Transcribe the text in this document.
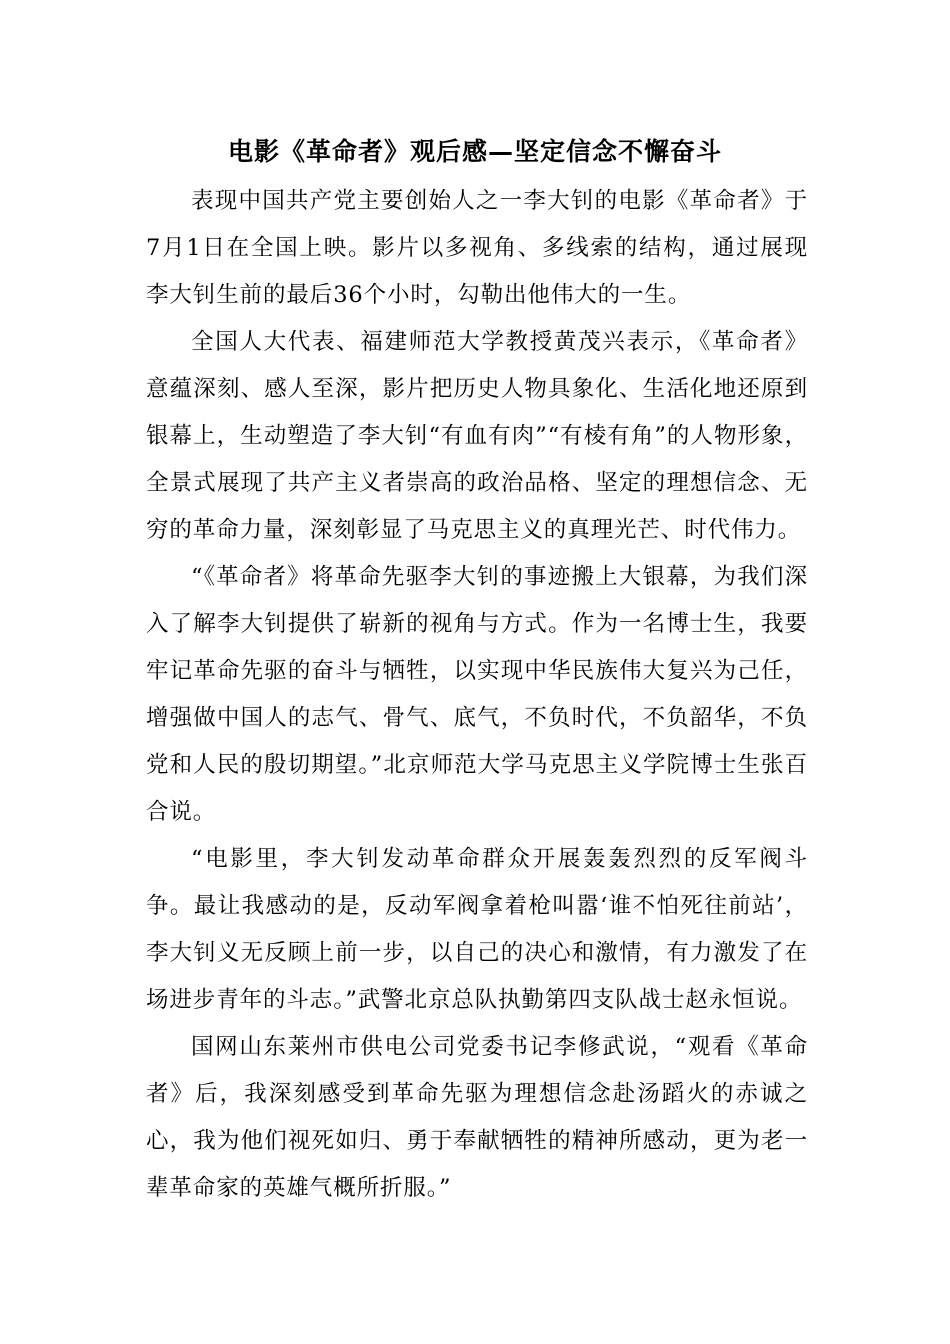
电影《革命者》观后感—坚定信念不懈奋斗

表现中国共产党主要创始人之一李大钊的电影《革命者》于7月1日在全国上映。影片以多视角、多线索的结构，通过展现李大钊生前的最后36个小时，勾勒出他伟大的一生。

全国人大代表、福建师范大学教授黄茂兴表示，《革命者》意蕴深刻、感人至深，影片把历史人物具象化、生活化地还原到银幕上，生动塑造了李大钊“有血有肉”“有棱有角”的人物形象，全景式展现了共产主义者崇高的政治品格、坚定的理想信念、无穷的革命力量，深刻彰显了马克思主义的真理光芒、时代伟力。

“《革命者》将革命先驱李大钊的事迹搬上大银幕，为我们深入了解李大钊提供了崭新的视角与方式。作为一名博士生，我要牢记革命先驱的奋斗与牺牲，以实现中华民族伟大复兴为己任，增强做中国人的志气、骨气、底气，不负时代，不负韶华，不负党和人民的殷切期望。”北京师范大学马克思主义学院博士生张百合说。

“电影里，李大钊发动革命群众开展轰轰烈烈的反军阀斗争。最让我感动的是，反动军阀拿着枪叫嚣‘谁不怕死往前站’，李大钊义无反顾上前一步，以自己的决心和激情，有力激发了在场进步青年的斗志。”武警北京总队执勤第四支队战士赵永恒说。

国网山东莱州市供电公司党委书记李修武说，“观看《革命者》后，我深刻感受到革命先驱为理想信念赴汤蹈火的赤诚之心，我为他们视死如归、勇于奉献牺牲的精神所感动，更为老一辈革命家的英雄气概所折服。”
